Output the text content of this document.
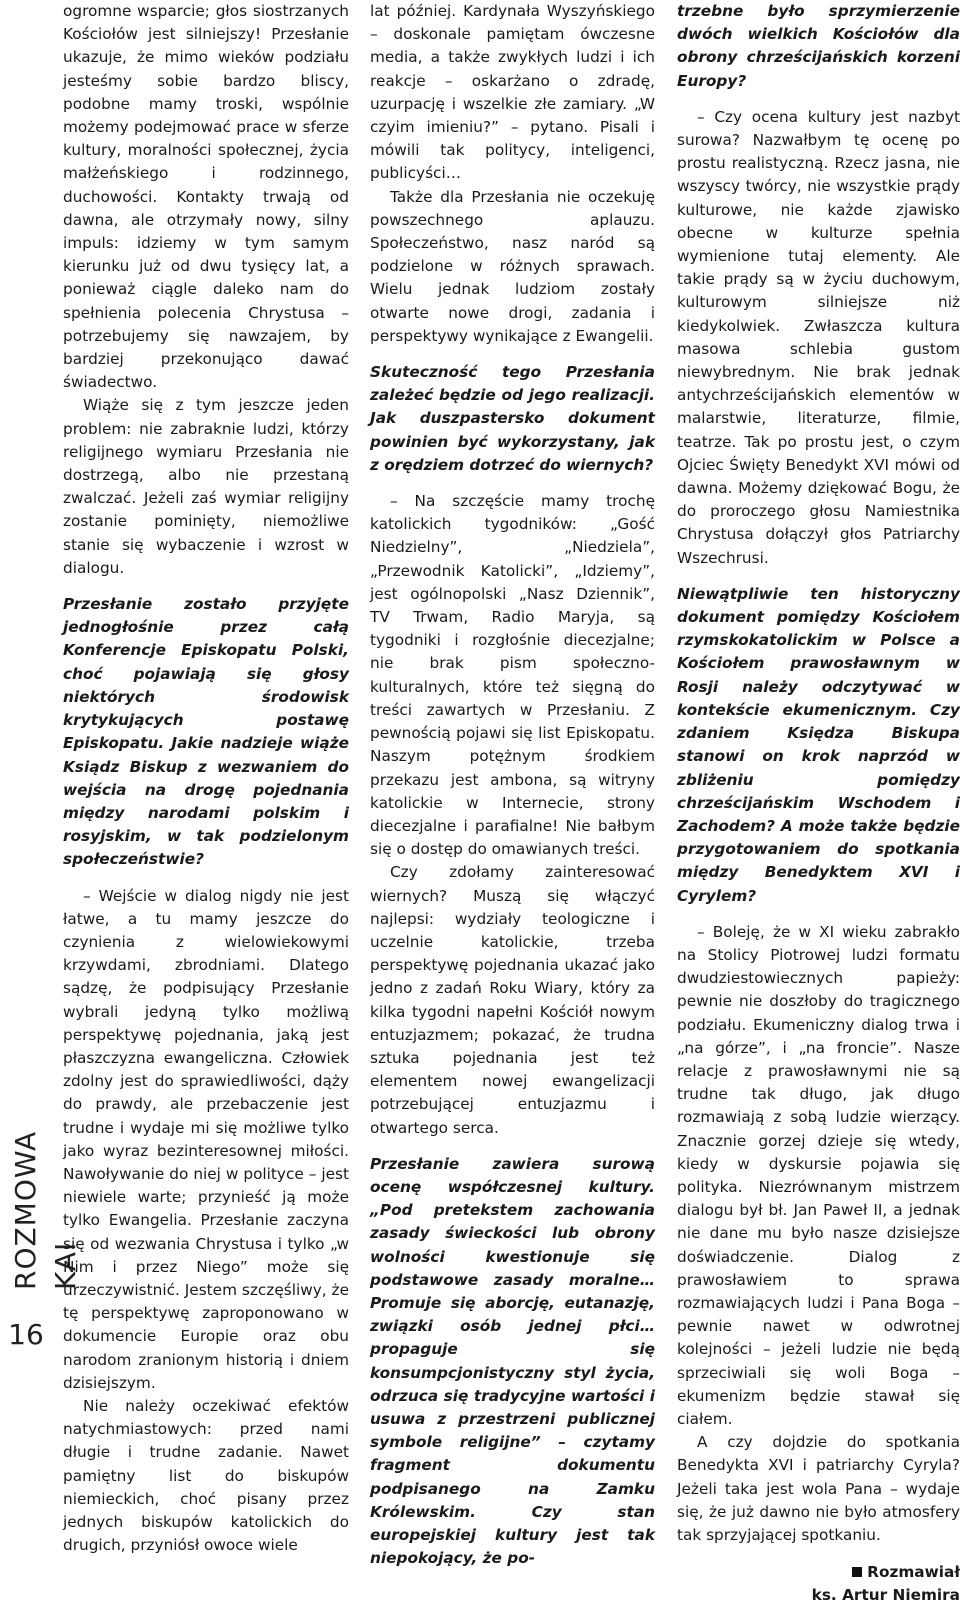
ROZMOWA KAI
16

ogromne wsparcie; głos siostrzanych Kościołów jest silniejszy! Przesłanie ukazuje, że mimo wieków podziału jesteśmy sobie bardzo bliscy, podobne mamy troski, wspólnie możemy podejmować prace w sferze kultury, moralności społecznej, życia małżeńskiego i rodzinnego, duchowości. Kontakty trwają od dawna, ale otrzymały nowy, silny impuls: idziemy w tym samym kierunku już od dwu tysięcy lat, a ponieważ ciągle daleko nam do spełnienia polecenia Chrystusa – potrzebujemy się nawzajem, by bardziej przekonująco dawać świadectwo.

Wiąże się z tym jeszcze jeden problem: nie zabraknie ludzi, którzy religijnego wymiaru Przesłania nie dostrzegą, albo nie przestaną zwalczać. Jeżeli zaś wymiar religijny zostanie pominięty, niemożliwe stanie się wybaczenie i wzrost w dialogu.

Przesłanie zostało przyjęte jednogłośnie przez całą Konferencje Episkopatu Polski, choć pojawiają się głosy niektórych środowisk krytykujących postawę Episkopatu. Jakie nadzieje wiąże Ksiądz Biskup z wezwaniem do wejścia na drogę pojednania między narodami polskim i rosyjskim, w tak podzielonym społeczeństwie?

– Wejście w dialog nigdy nie jest łatwe, a tu mamy jeszcze do czynienia z wielowiekowymi krzywdami, zbrodniami. Dlatego sądzę, że podpisujący Przesłanie wybrali jedyną tylko możliwą perspektywę pojednania, jaką jest płaszczyzna ewangeliczna. Człowiek zdolny jest do sprawiedliwości, dąży do prawdy, ale przebaczenie jest trudne i wydaje mi się możliwe tylko jako wyraz bezinteresownej miłości. Nawoływanie do niej w polityce – jest niewiele warte; przynieść ją może tylko Ewangelia. Przesłanie zaczyna się od wezwania Chrystusa i tylko „w Nim i przez Niego” może się urzeczywistnić. Jestem szczęśliwy, że tę perspektywę zaproponowano w dokumencie Europie oraz obu narodom zranionym historią i dniem dzisiejszym.

Nie należy oczekiwać efektów natychmiastowych: przed nami długie i trudne zadanie. Nawet pamiętny list do biskupów niemieckich, choć pisany przez jednych biskupów katolickich do drugich, przyniósł owoce wiele

lat później. Kardynała Wyszyńskiego – doskonale pamiętam ówczesne media, a także zwykłych ludzi i ich reakcje – oskarżano o zdradę, uzurpację i wszelkie złe zamiary. „W czyim imieniu?” – pytano. Pisali i mówili tak politycy, inteligenci, publicyści…

Także dla Przesłania nie oczekuję powszechnego aplauzu. Społeczeństwo, nasz naród są podzielone w różnych sprawach. Wielu jednak ludziom zostały otwarte nowe drogi, zadania i perspektywy wynikające z Ewangelii.

Skuteczność tego Przesłania zależeć będzie od jego realizacji. Jak duszpastersko dokument powinien być wykorzystany, jak z orędziem dotrzeć do wiernych?

– Na szczęście mamy trochę katolickich tygodników: „Gość Niedzielny”, „Niedziela”, „Przewodnik Katolicki”, „Idziemy”, jest ogólnopolski „Nasz Dziennik”, TV Trwam, Radio Maryja, są tygodniki i rozgłośnie diecezjalne; nie brak pism społeczno-kulturalnych, które też sięgną do treści zawartych w Przesłaniu. Z pewnością pojawi się list Episkopatu. Naszym potężnym środkiem przekazu jest ambona, są witryny katolickie w Internecie, strony diecezjalne i parafialne! Nie bałbym się o dostęp do omawianych treści.

Czy zdołamy zainteresować wiernych? Muszą się włączyć najlepsi: wydziały teologiczne i uczelnie katolickie, trzeba perspektywę pojednania ukazać jako jedno z zadań Roku Wiary, który za kilka tygodni napełni Kościół nowym entuzjazmem; pokazać, że trudna sztuka pojednania jest też elementem nowej ewangelizacji potrzebującej entuzjazmu i otwartego serca.

Przesłanie zawiera surową ocenę współczesnej kultury. „Pod pretekstem zachowania zasady świeckości lub obrony wolności kwestionuje się podstawowe zasady moralne… Promuje się aborcję, eutanazję, związki osób jednej płci… propaguje się konsumpcjonistyczny styl życia, odrzuca się tradycyjne wartości i usuwa z przestrzeni publicznej symbole religijne” – czytamy fragment dokumentu podpisanego na Zamku Królewskim. Czy stan europejskiej kultury jest tak niepokojący, że po-

trzebne było sprzymierzenie dwóch wielkich Kościołów dla obrony chrześcijańskich korzeni Europy?

– Czy ocena kultury jest nazbyt surowa? Nazwałbym tę ocenę po prostu realistyczną. Rzecz jasna, nie wszyscy twórcy, nie wszystkie prądy kulturowe, nie każde zjawisko obecne w kulturze spełnia wymienione tutaj elementy. Ale takie prądy są w życiu duchowym, kulturowym silniejsze niż kiedykolwiek. Zwłaszcza kultura masowa schlebia gustom niewybrednym. Nie brak jednak antychrześcijańskich elementów w malarstwie, literaturze, filmie, teatrze. Tak po prostu jest, o czym Ojciec Święty Benedykt XVI mówi od dawna. Możemy dziękować Bogu, że do proroczego głosu Namiestnika Chrystusa dołączył głos Patriarchy Wszechrusi.

Niewątpliwie ten historyczny dokument pomiędzy Kościołem rzymskokatolickim w Polsce a Kościołem prawosławnym w Rosji należy odczytywać w kontekście ekumenicznym. Czy zdaniem Księdza Biskupa stanowi on krok naprzód w zbliżeniu pomiędzy chrześcijańskim Wschodem i Zachodem? A może także będzie przygotowaniem do spotkania między Benedyktem XVI i Cyrylem?

– Boleję, że w XI wieku zabrakło na Stolicy Piotrowej ludzi formatu dwudziestowiecznych papieży: pewnie nie doszłoby do tragicznego podziału. Ekumeniczny dialog trwa i „na górze”, i „na froncie”. Nasze relacje z prawosławnymi nie są trudne tak długo, jak długo rozmawiają z sobą ludzie wierzący. Znacznie gorzej dzieje się wtedy, kiedy w dyskursie pojawia się polityka. Niezrównanym mistrzem dialogu był bł. Jan Paweł II, a jednak nie dane mu było nasze dzisiejsze doświadczenie. Dialog z prawosławiem to sprawa rozmawiających ludzi i Pana Boga – pewnie nawet w odwrotnej kolejności – jeżeli ludzie nie będą sprzeciwiali się woli Boga – ekumenizm będzie stawał się ciałem.

A czy dojdzie do spotkania Benedykta XVI i patriarchy Cyryla? Jeżeli taka jest wola Pana – wydaje się, że już dawno nie było atmosfery tak sprzyjającej spotkaniu.

Rozmawiał
ks. Artur Niemira
